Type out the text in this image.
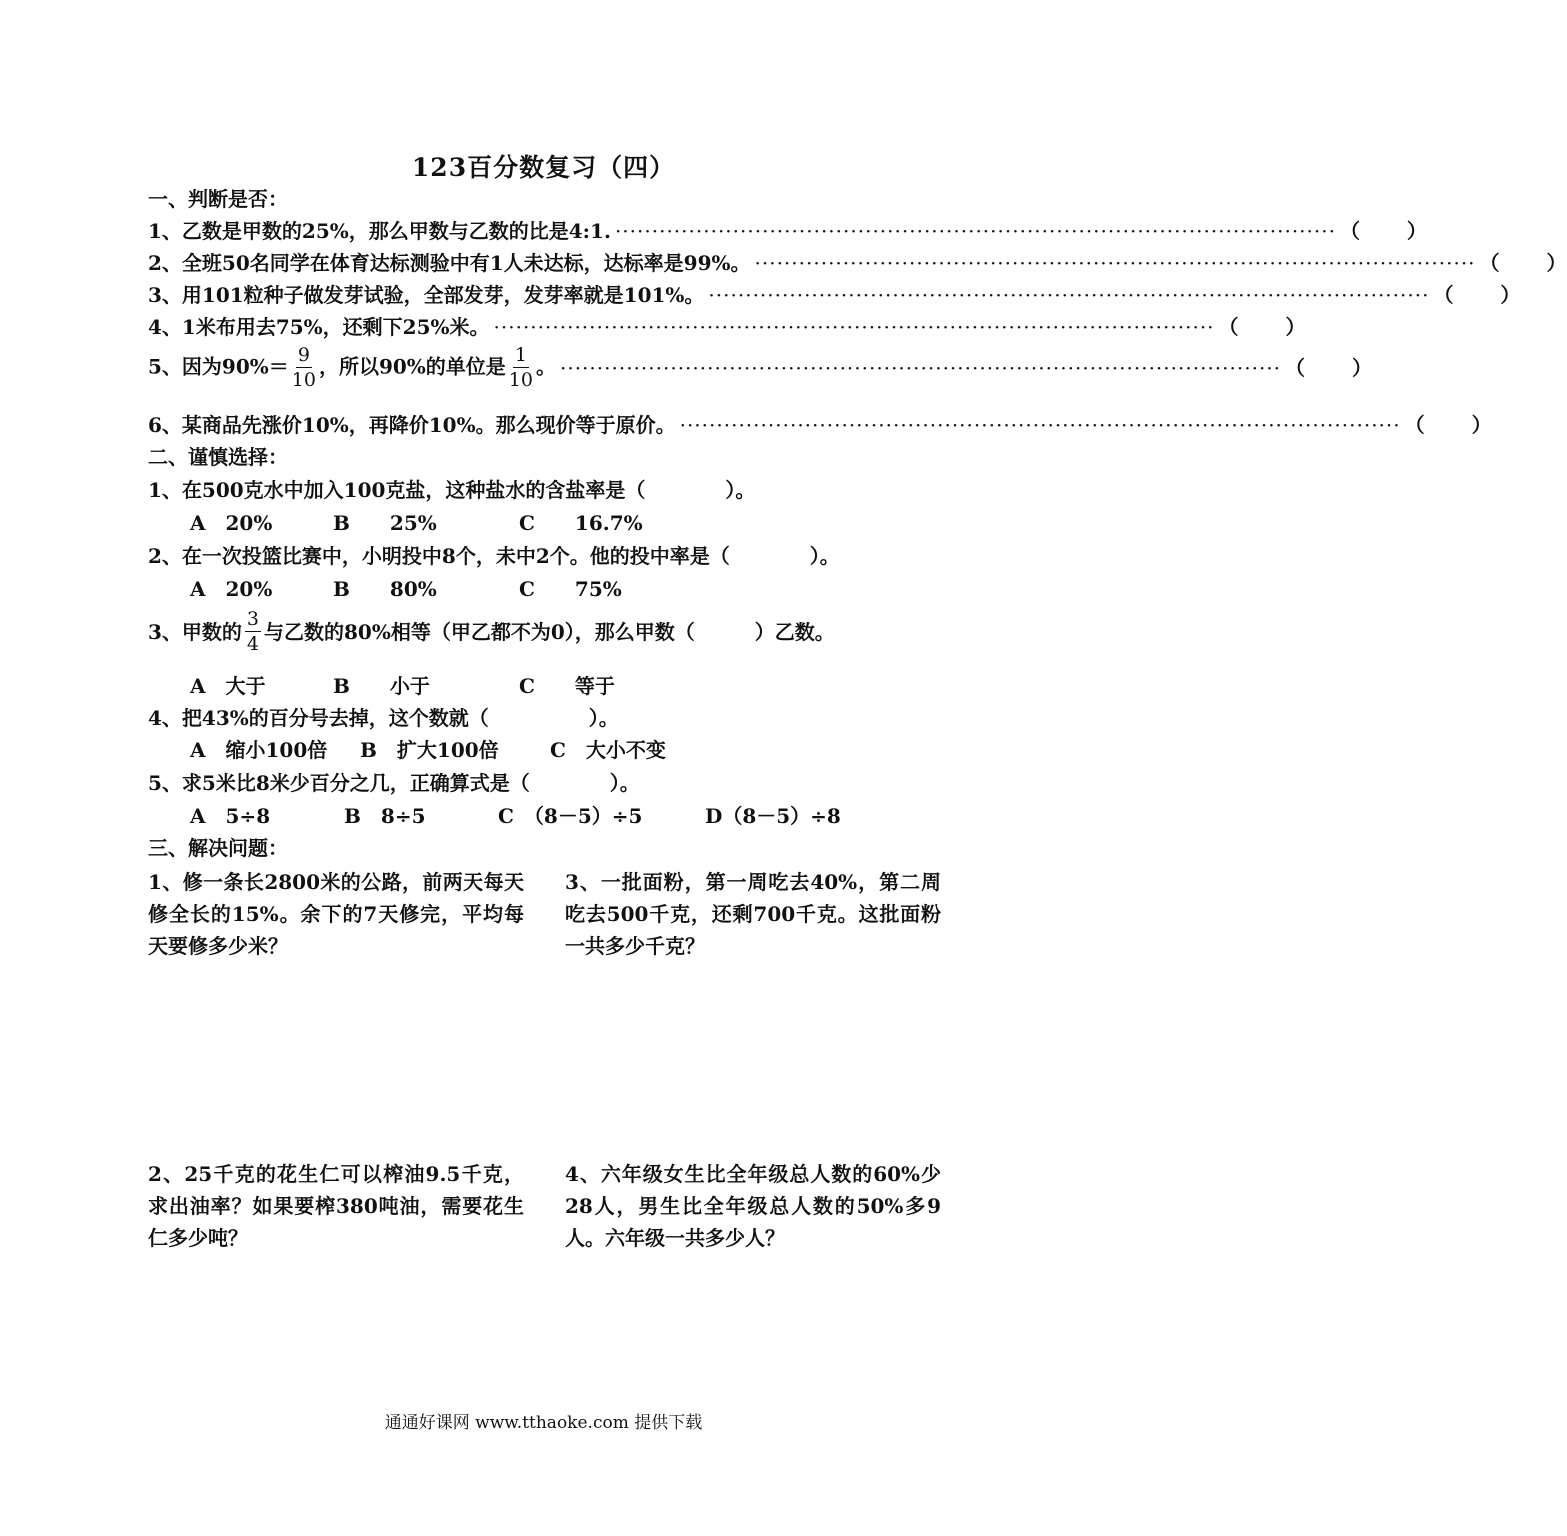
123百分数复习（四）
一、判断是否：
1、乙数是甲数的25%，那么甲数与乙数的比是4:1. ·································································································· （　　 ）
2、全班50名同学在体育达标测验中有1人未达标，达标率是99%。 ·································································································· （　　 ）
3、用101粒种子做发芽试验，全部发芽，发芽率就是101%。 ·································································································· （　　 ）
4、1米布用去75%，还剩下25%米。 ·································································································· （　　 ）
5、因为$90\%= \frac{9}{10}$ ，所以90%的单位是 $\frac{1}{10}$ 。 ·································································································· （　　 ）
6、某商品先涨价10%，再降价10%。那么现价等于原价。 ·································································································· （　　 ）
二、谨慎选择：
1、在500克水中加入100克盐，这种盐水的含盐率是（　　　　）。
A　20%	B　　25%	C　　16.7%
2、在一次投篮比赛中，小明投中8个，未中2个。他的投中率是（　　　　）。
A　20%	B　　80%	C　　75%
3、甲数的 $\frac{3}{4}$ 与乙数的80%相等（甲乙都不为0），那么甲数（　　　）乙数。
A　大于	B　　小于	C　　等于
4、把43%的百分号去掉，这个数就（　　　　　）。
A　缩小100倍	B　扩大100倍	C　大小不变
5、求5米比8米少百分之几，正确算式是（　　　　）。
A　5÷8	B　8÷5	C　（8－5）÷5	D（8－5）÷8
三、解决问题：
1、修一条长2800米的公路，前两天每天修全长的15%。余下的7天修完，平均每天要修多少米？
3、一批面粉，第一周吃去40%，第二周吃去500千克，还剩700千克。这批面粉一共多少千克？
2、25千克的花生仁可以榨油9.5千克，求出油率？如果要榨380吨油，需要花生仁多少吨？
4、六年级女生比全年级总人数的60%少28人，男生比全年级总人数的50%多9人。六年级一共多少人？
通通好课网 www.tthaoke.com 提供下载
